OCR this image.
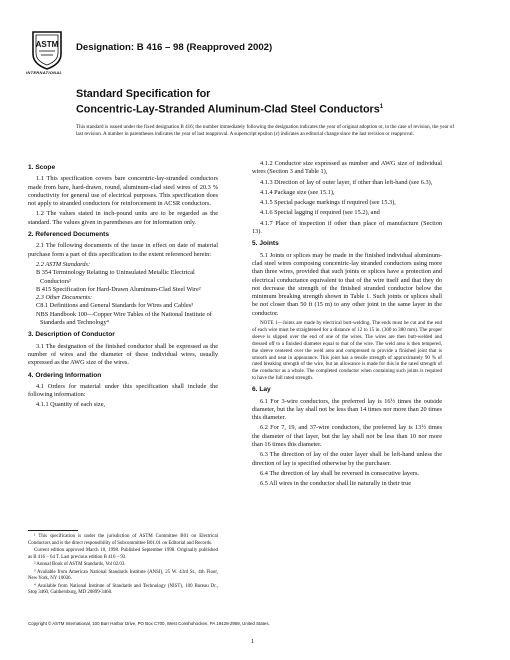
ASTM
INTERNATIONAL
Designation: B 416 – 98 (Reapproved 2002)
Standard Specification for
Concentric-Lay-Stranded Aluminum-Clad Steel Conductors$^1$
This standard is issued under the fixed designation B 416; the number immediately following the designation indicates the year of original adoption or, in the case of revision, the year of last revision. A number in parentheses indicates the year of last reapproval. A superscript epsilon (ε) indicates an editorial change since the last revision or reapproval.
1. Scope
1.1 This specification covers bare concentric-lay-stranded conductors made from bare, hard-drawn, round, aluminum-clad steel wires of 20.3 % conductivity for general use of electrical purposes. This specification does not apply to stranded conductors for reinforcement in ACSR conductors.
1.2 The values stated in inch-pound units are to be regarded as the standard. The values given in parentheses are for information only.
2. Referenced Documents
2.1 The following documents of the issue in effect on date of material purchase form a part of this specification to the extent referenced herein:
2.2 ASTM Standards:
B 354 Terminology Relating to Uninsulated Metallic Electrical Conductors²
B 415 Specification for Hard-Drawn Aluminum-Clad Steel Wire²
2.3 Other Documents:
C8.1 Definitions and General Standards for Wires and Cables³
NBS Handbook 100—Copper Wire Tables of the National Institute of Standards and Technology⁴
3. Description of Conductor
3.1 The designation of the finished conductor shall be expressed as the number of wires and the diameter of these individual wires, usually expressed as the AWG size of the wires.
4. Ordering Information
4.1 Orders for material under this specification shall include the following information:
4.1.1 Quantity of each size,
¹ This specification is under the jurisdiction of ASTM Committee B01 on Electrical Conductors and is the direct responsibility of Subcommittee B01.01 on Editorial and Records.
Current edition approved March 10, 1998. Published September 1998. Originally published as B 416 – 64 T. Last previous edition B 416 – 93.
² Annual Book of ASTM Standards, Vol 02.03.
³ Available from American National Standards Institute (ANSI), 25 W. 43rd St., 4th Floor, New York, NY 10036.
⁴ Available from National Institute of Standards and Technology (NIST), 100 Bureau Dr., Stop 3460, Gaithersburg, MD 20899-3460.
4.1.2 Conductor size expressed as number and AWG size of individual wires (Section 3 and Table 1),
4.1.3 Direction of lay of outer layer, if other than left-hand (see 6.3),
4.1.4 Package size (see 15.1),
4.1.5 Special package markings if required (see 15.3),
4.1.6 Special lagging if required (see 15.2), and
4.1.7 Place of inspection if other than place of manufacture (Section 13).
5. Joints
5.1 Joints or splices may be made in the finished individual aluminum-clad steel wires composing concentric-lay stranded conductors using more than three wires, provided that such joints or splices have a protection and electrical conductance equivalent to that of the wire itself and that they do not decrease the strength of the finished stranded conductor below the minimum breaking strength shown in Table 1. Such joints or splices shall be not closer than 50 ft (15 m) to any other joint in the same layer in the conductor.
NOTE 1—Joints are made by electrical butt-welding. The ends must be cut and the end of each wire must be straightened for a distance of 12 to 15 in. (300 to 380 mm). The proper sleeve is slipped over the end of one of the wires. The wires are then butt-welded and dressed off to a finished diameter equal to that of the wire. The weld area is then tempered, the sleeve centered over the weld area and compressed to provide a finished joint that is smooth and neat in appearance. This joint has a tensile strength of approximately 90 % of rated breaking strength of the wire, but an allowance is made for this in the rated strength of the conductor as a whole. The completed conductor when containing such joints is required to have the full rated strength.
6. Lay
6.1 For 3-wire conductors, the preferred lay is 16½ times the outside diameter, but the lay shall not be less than 14 times nor more than 20 times this diameter.
6.2 For 7, 19, and 37-wire conductors, the preferred lay is 13½ times the diameter of that layer, but the lay shall not be less than 10 nor more than 16 times this diameter.
6.3 The direction of lay of the outer layer shall be left-hand unless the direction of lay is specified otherwise by the purchaser.
6.4 The direction of lay shall be reversed in consecutive layers.
6.5 All wires in the conductor shall lie naturally in their true
Copyright © ASTM International, 100 Barr Harbor Drive, PO Box C700, West Conshohocken, PA 19428-2959, United States.
1
